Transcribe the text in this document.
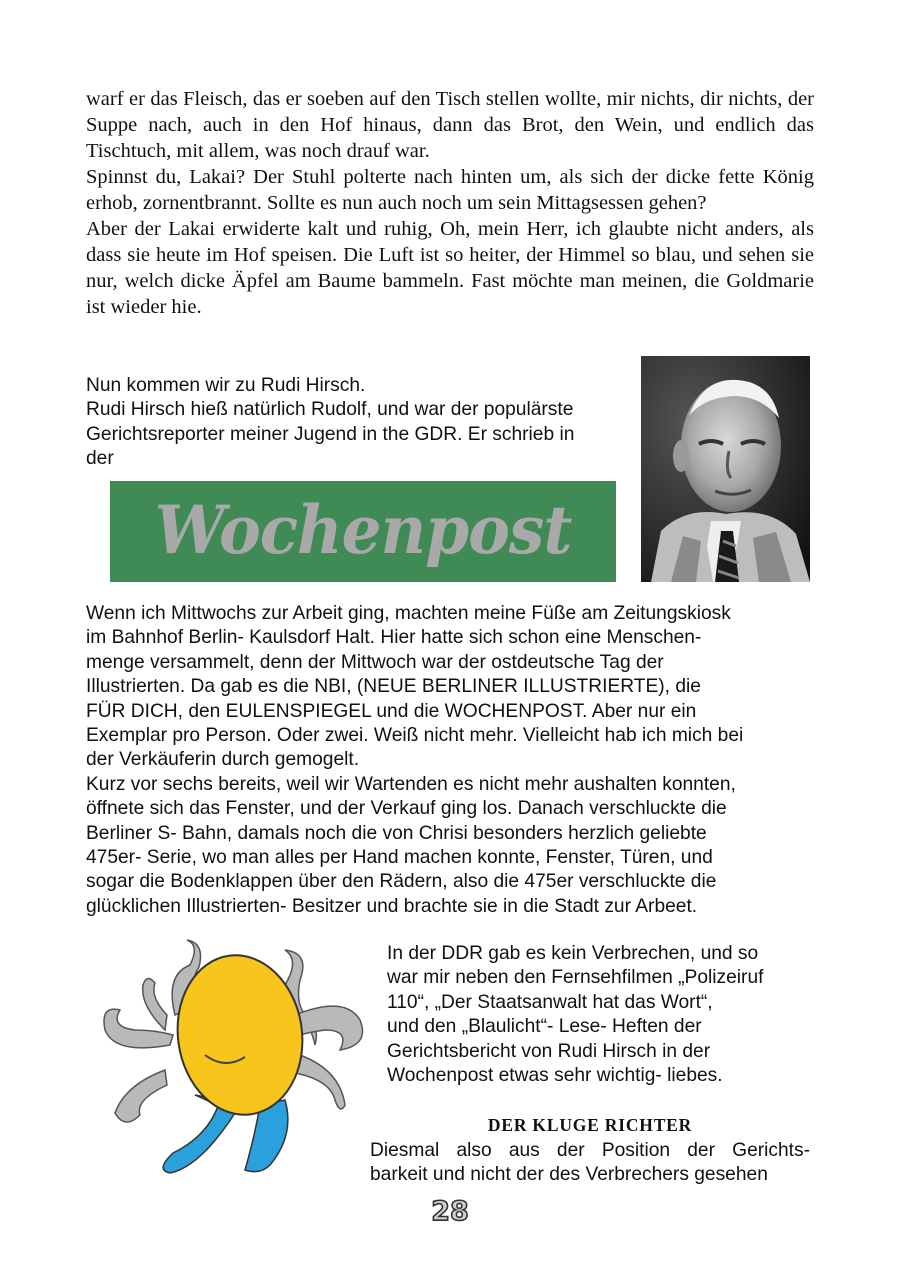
warf er das Fleisch, das er soeben auf den Tisch stellen wollte, mir nichts, dir nichts, der Suppe nach, auch in den Hof hinaus, dann das Brot, den Wein, und endlich das Tischtuch, mit allem, was noch drauf war.

Spinnst du, Lakai? Der Stuhl polterte nach hinten um, als sich der dicke fette König erhob, zornentbrannt. Sollte es nun auch noch um sein Mittagsessen gehen?

Aber der Lakai erwiderte kalt und ruhig, Oh, mein Herr, ich glaubte nicht anders, als dass sie heute im Hof speisen. Die Luft ist so heiter, der Himmel so blau, und sehen sie nur, welch dicke Äpfel am Baume bammeln. Fast möchte man meinen, die Goldmarie ist wieder hie.

Nun kommen wir zu Rudi Hirsch.
Rudi Hirsch hieß natürlich Rudolf, und war der populärste
Gerichtsreporter meiner Jugend in the GDR. Er schrieb in
der
Wochenpost
Wenn ich Mittwochs zur Arbeit ging, machten meine Füße am Zeitungskiosk
im Bahnhof Berlin- Kaulsdorf Halt. Hier hatte sich schon eine Menschen-
menge versammelt, denn der Mittwoch war der ostdeutsche Tag der
Illustrierten. Da gab es die NBI, (NEUE BERLINER ILLUSTRIERTE), die
FÜR DICH, den EULENSPIEGEL und die WOCHENPOST. Aber nur ein
Exemplar pro Person. Oder zwei. Weiß nicht mehr. Vielleicht hab ich mich bei
der Verkäuferin durch gemogelt.
Kurz vor sechs bereits, weil wir Wartenden es nicht mehr aushalten konnten,
öffnete sich das Fenster, und der Verkauf ging los. Danach verschluckte die
Berliner S- Bahn, damals noch die von Chrisi besonders herzlich geliebte
475er- Serie, wo man alles per Hand machen konnte, Fenster, Türen, und
sogar die Bodenklappen über den Rädern, also die 475er verschluckte die
glücklichen Illustrierten- Besitzer und brachte sie in die Stadt zur Arbeet.
In der DDR gab es kein Verbrechen, und so
war mir neben den Fernsehfilmen „Polizeiruf
110“, „Der Staatsanwalt hat das Wort“,
und den „Blaulicht“- Lese- Heften der
Gerichtsbericht von Rudi Hirsch in der
Wochenpost etwas sehr wichtig- liebes.
DER KLUGE RICHTER
Diesmal also aus der Position der Gerichts-
barkeit und nicht der des Verbrechers gesehen
28
